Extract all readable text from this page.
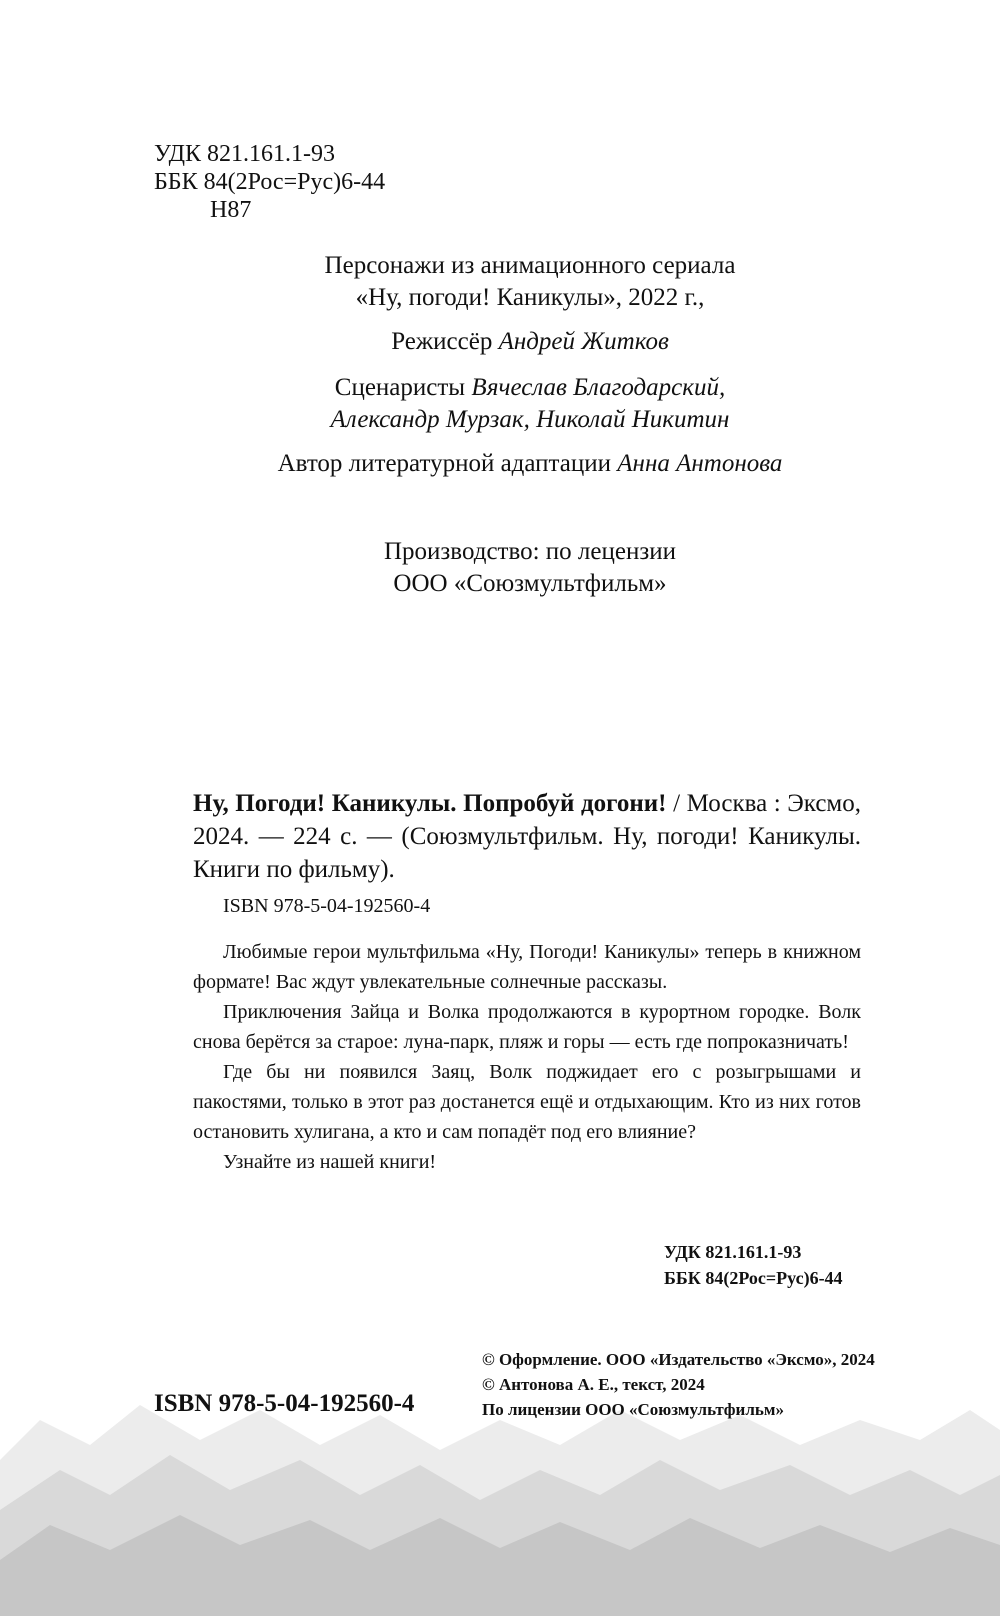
УДК 821.161.1-93
ББК 84(2Рос=Рус)6-44
Н87
Персонажи из анимационного сериала
«Ну, погоди! Каникулы», 2022 г.,
Режиссёр Андрей Житков
Сценаристы Вячеслав Благодарский,
Александр Мурзак, Николай Никитин
Автор литературной адаптации Анна Антонова
Производство: по лецензии
ООО «Союзмультфильм»
Ну, Погоди! Каникулы. Попробуй догони! / Москва : Эксмо, 2024. — 224 с. — (Союзмультфильм. Ну, погоди! Каникулы. Книги по фильму).
ISBN 978-5-04-192560-4

Любимые герои мультфильма «Ну, Погоди! Каникулы» теперь в книжном формате! Вас ждут увлекательные солнечные рассказы.

Приключения Зайца и Волка продолжаются в курортном городке. Волк снова берётся за старое: луна-парк, пляж и горы — есть где попроказничать!

Где бы ни появился Заяц, Волк поджидает его с розыгрышами и пакостями, только в этот раз достанется ещё и отдыхающим. Кто из них готов остановить хулигана, а кто и сам попадёт под его влияние?

Узнайте из нашей книги!

УДК 821.161.1-93
ББК 84(2Рос=Рус)6-44
© Оформление. ООО «Издательство «Эксмо», 2024
© Антонова А. Е., текст, 2024
По лицензии ООО «Союзмультфильм»
ISBN 978-5-04-192560-4
